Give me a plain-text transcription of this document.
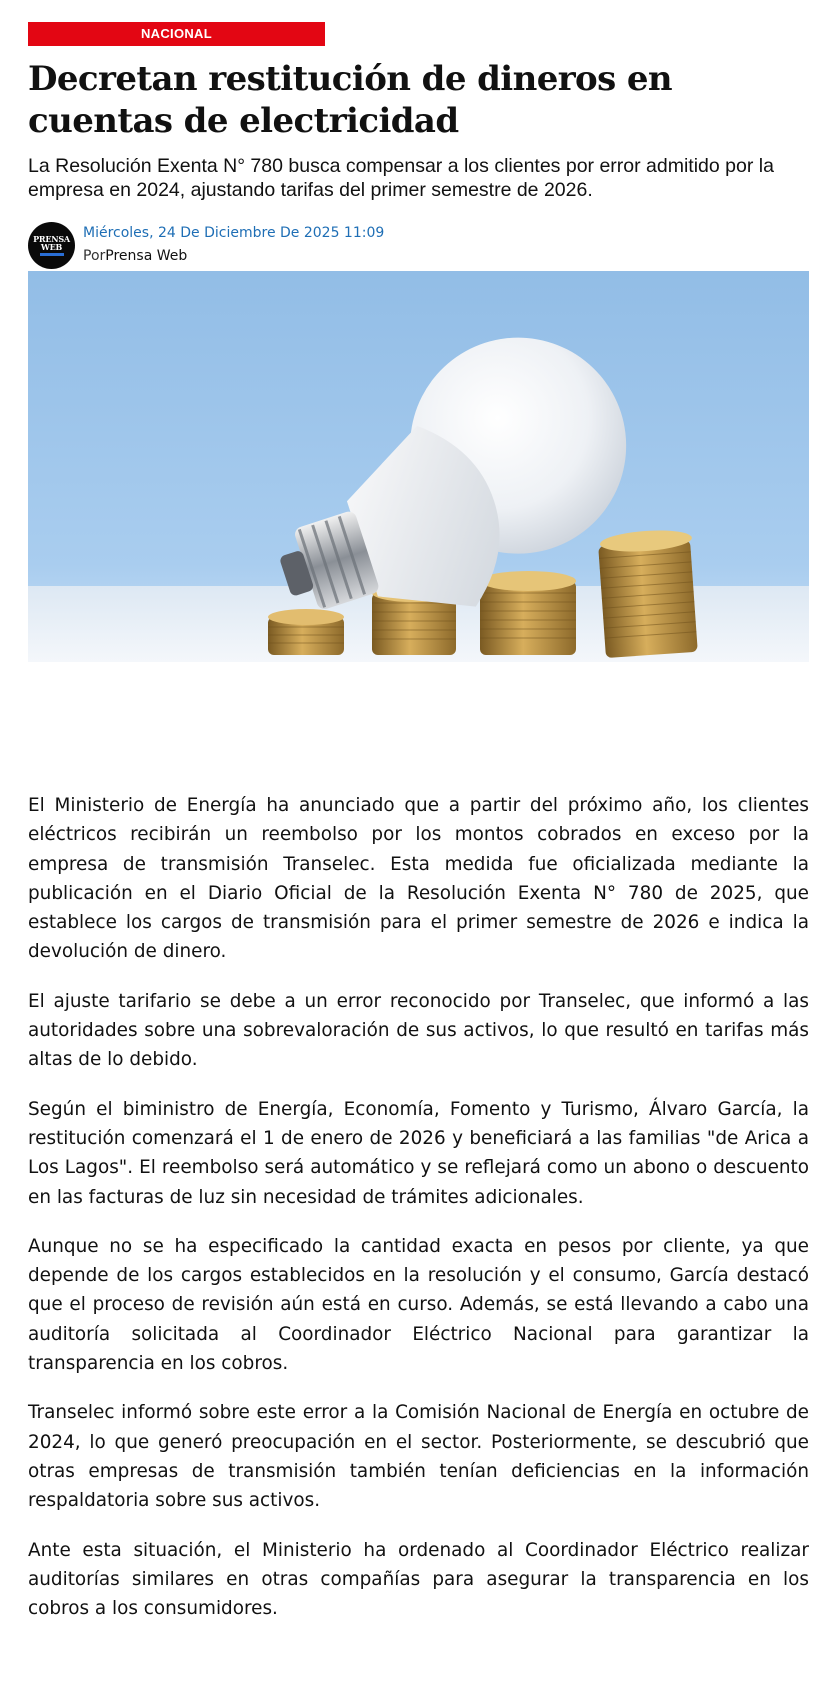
NACIONAL
Decretan restitución de dineros en cuentas de electricidad

La Resolución Exenta N° 780 busca compensar a los clientes por error admitido por la empresa en 2024, ajustando tarifas del primer semestre de 2026.

PRENSA
WEB
Miércoles, 24 De Diciembre De 2025 11:09
PorPrensa Web

El Ministerio de Energía ha anunciado que a partir del próximo año, los clientes eléctricos recibirán un reembolso por los montos cobrados en exceso por la empresa de transmisión Transelec. Esta medida fue oficializada mediante la publicación en el Diario Oficial de la Resolución Exenta N° 780 de 2025, que establece los cargos de transmisión para el primer semestre de 2026 e indica la devolución de dinero.

El ajuste tarifario se debe a un error reconocido por Transelec, que informó a las autoridades sobre una sobrevaloración de sus activos, lo que resultó en tarifas más altas de lo debido.

Según el biministro de Energía, Economía, Fomento y Turismo, Álvaro García, la restitución comenzará el 1 de enero de 2026 y beneficiará a las familias "de Arica a Los Lagos". El reembolso será automático y se reflejará como un abono o descuento en las facturas de luz sin necesidad de trámites adicionales.

Aunque no se ha especificado la cantidad exacta en pesos por cliente, ya que depende de los cargos establecidos en la resolución y el consumo, García destacó que el proceso de revisión aún está en curso. Además, se está llevando a cabo una auditoría solicitada al Coordinador Eléctrico Nacional para garantizar la transparencia en los cobros.

Transelec informó sobre este error a la Comisión Nacional de Energía en octubre de 2024, lo que generó preocupación en el sector. Posteriormente, se descubrió que otras empresas de transmisión también tenían deficiencias en la información respaldatoria sobre sus activos.

Ante esta situación, el Ministerio ha ordenado al Coordinador Eléctrico realizar auditorías similares en otras compañías para asegurar la transparencia en los cobros a los consumidores.
